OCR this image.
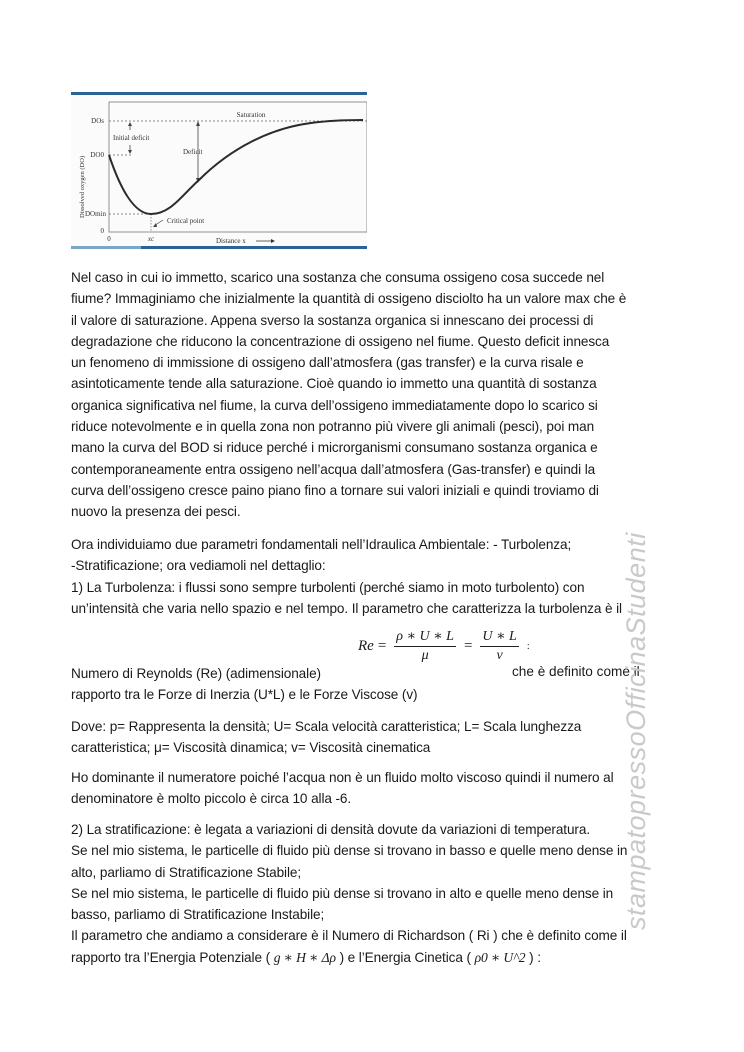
DOs
DO0
DOmin
0
0	xc
Saturation
Initial deficit
Deficit
Critical point
Distance x
Dissolved oxygen (DO)
Nel caso in cui io immetto, scarico una sostanza che consuma ossigeno cosa succede nel
fiume? Immaginiamo che inizialmente la quantità di ossigeno disciolto ha un valore max che è
il valore di saturazione. Appena sverso la sostanza organica si innescano dei processi di
degradazione che riducono la concentrazione di ossigeno nel fiume. Questo deficit innesca
un fenomeno di immissione di ossigeno dall’atmosfera (gas transfer) e la curva risale e
asintoticamente tende alla saturazione. Cioè quando io immetto una quantità di sostanza
organica significativa nel fiume, la curva dell’ossigeno immediatamente dopo lo scarico si
riduce notevolmente e in quella zona non potranno più vivere gli animali (pesci), poi man
mano la curva del BOD si riduce perché i microrganismi consumano sostanza organica e
contemporaneamente entra ossigeno nell’acqua dall’atmosfera (Gas-transfer) e quindi la
curva dell’ossigeno cresce paino piano fino a tornare sui valori iniziali e quindi troviamo di
nuovo la presenza dei pesci.
Ora individuiamo due parametri fondamentali nell’Idraulica Ambientale: - Turbolenza;
-Stratificazione; ora vediamoli nel dettaglio:
1) La Turbolenza: i flussi sono sempre turbolenti (perché siamo in moto turbolento) con
un’intensità che varia nello spazio e nel tempo. Il parametro che caratterizza la turbolenza è il
$Re = \frac{\rho ∗ U ∗ L}{\mu} = \frac{U ∗ L}{v}$ :
Numero di Reynolds (Re) (adimensionale)
rapporto tra le Forze di Inerzia (U*L) e le Forze Viscose (v)
che è definito come il
Dove: p= Rappresenta la densità; U= Scala velocità caratteristica; L= Scala lunghezza
caratteristica; μ= Viscosità dinamica; v= Viscosità cinematica
Ho dominante il numeratore poiché l’acqua non è un fluido molto viscoso quindi il numero al
denominatore è molto piccolo è circa 10 alla -6.
2) La stratificazione: è legata a variazioni di densità dovute da variazioni di temperatura.
Se nel mio sistema, le particelle di fluido più dense si trovano in basso e quelle meno dense in
alto, parliamo di Stratificazione Stabile;
Se nel mio sistema, le particelle di fluido più dense si trovano in alto e quelle meno dense in
basso, parliamo di Stratificazione Instabile;
Il parametro che andiamo a considerare è il Numero di Richardson ( Ri ) che è definito come il
rapporto tra l’Energia Potenziale ( g ∗ H ∗ Δρ ) e l’Energia Cinetica ( ρ0 ∗ U^2 ) :
stampatopressoOfficinaStudenti
